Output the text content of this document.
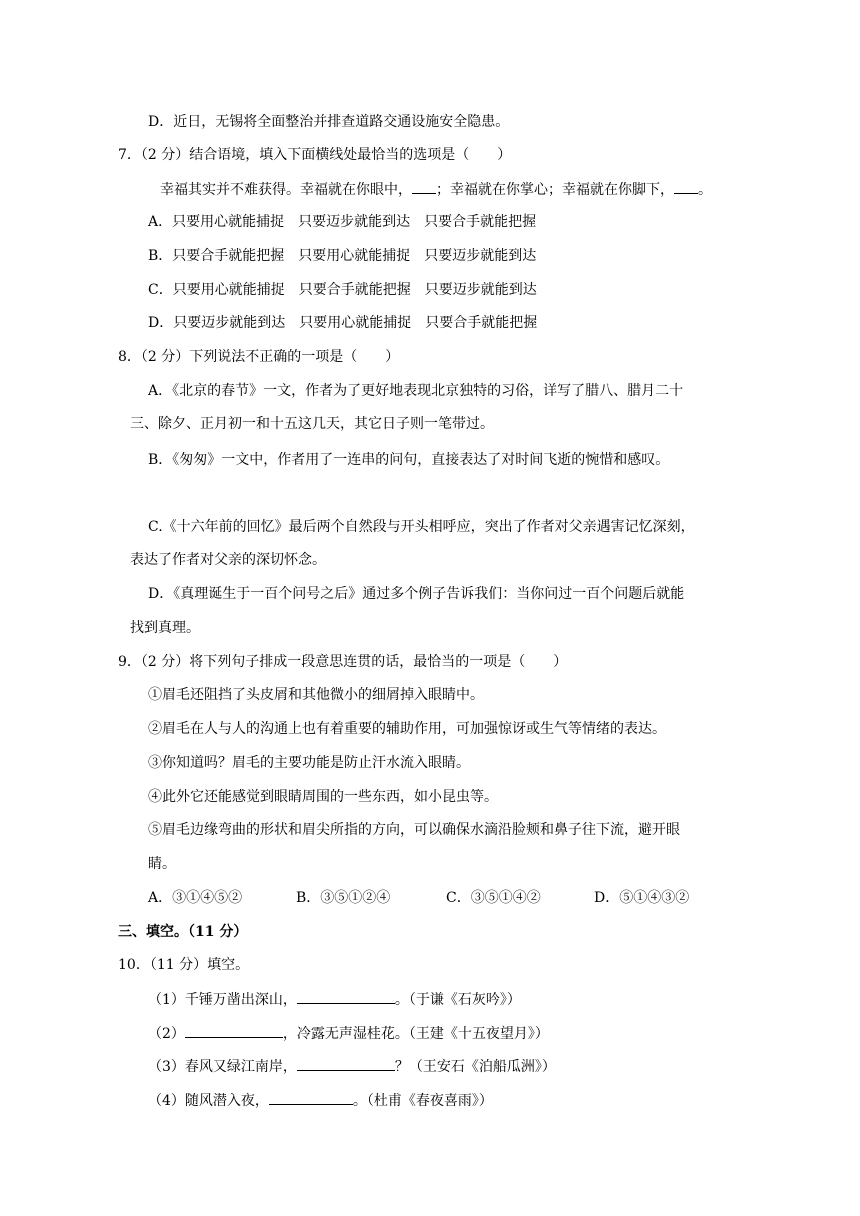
D．近日，无锡将全面整治并排查道路交通设施安全隐患。
7．（2 分）结合语境，填入下面横线处最恰当的选项是（　　）
幸福其实并不难获得。幸福就在你眼中， ；幸福就在你掌心；幸福就在你脚下， 。
A．只要用心就能捕捉　只要迈步就能到达　只要合手就能把握
B．只要合手就能把握　只要用心就能捕捉　只要迈步就能到达
C．只要用心就能捕捉　只要合手就能把握　只要迈步就能到达
D．只要迈步就能到达　只要用心就能捕捉　只要合手就能把握
8．（2 分）下列说法不正确的一项是（　　）
A．《北京的春节》一文，作者为了更好地表现北京独特的习俗，详写了腊八、腊月二十
三、除夕、正月初一和十五这几天，其它日子则一笔带过。
B．《匆匆》一文中，作者用了一连串的问句，直接表达了对时间飞逝的惋惜和感叹。
C.《十六年前的回忆》最后两个自然段与开头相呼应，突出了作者对父亲遇害记忆深刻，
表达了作者对父亲的深切怀念。
D．《真理诞生于一百个问号之后》通过多个例子告诉我们：当你问过一百个问题后就能
找到真理。
9．（2 分）将下列句子排成一段意思连贯的话，最恰当的一项是（　　）
①眉毛还阻挡了头皮屑和其他微小的细屑掉入眼睛中。
②眉毛在人与人的沟通上也有着重要的辅助作用，可加强惊讶或生气等情绪的表达。
③你知道吗？眉毛的主要功能是防止汗水流入眼睛。
④此外它还能感觉到眼睛周围的一些东西，如小昆虫等。
⑤眉毛边缘弯曲的形状和眉尖所指的方向，可以确保水滴沿脸颊和鼻子往下流，避开眼
睛。
A．③①④⑤②	B．③⑤①②④	C．③⑤①④②	D．⑤①④③②
三、填空。（11 分）
10．（11 分）填空。
（1）千锤万凿出深山，	。（于谦《石灰吟》）
（2）	，冷露无声湿桂花。（王建《十五夜望月》）
（3）春风又绿江南岸，	？（王安石《泊船瓜洲》）
（4）随风潜入夜，	。（杜甫《春夜喜雨》）
